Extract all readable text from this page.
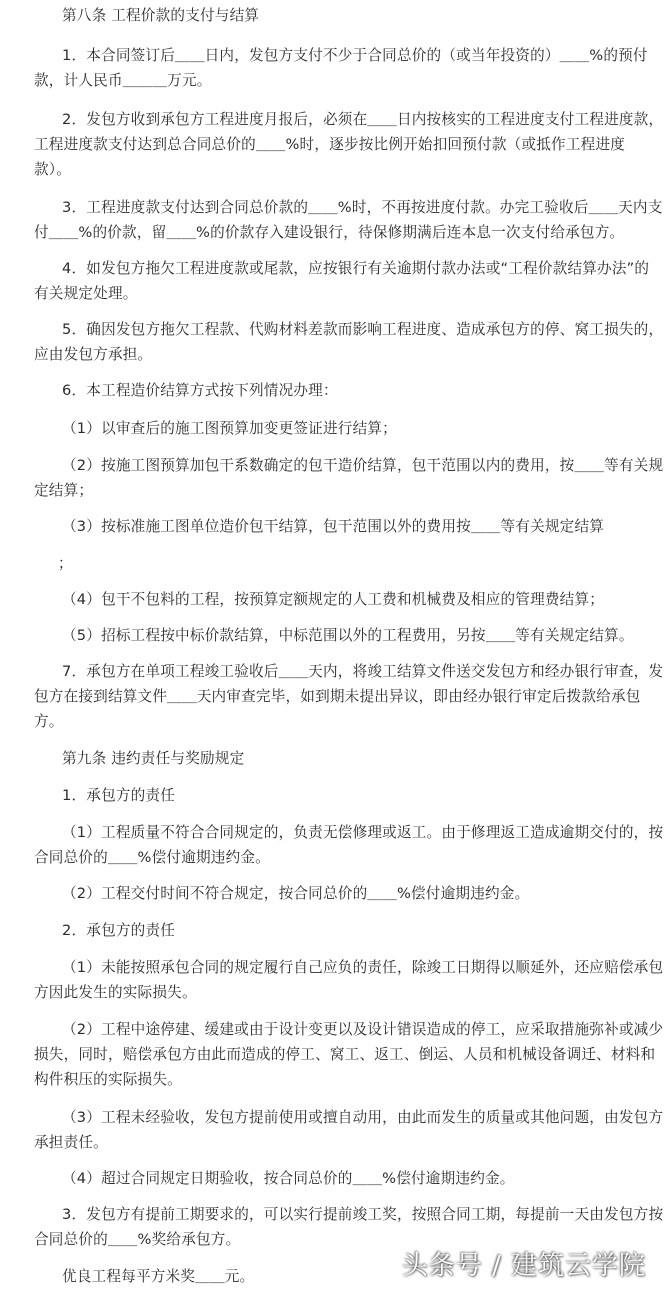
第八条 工程价款的支付与结算
1．本合同签订后＿＿日内，发包方支付不少于合同总价的（或当年投资的）＿＿%的预付
款，计人民币＿＿＿万元。
2．发包方收到承包方工程进度月报后，必须在＿＿日内按核实的工程进度支付工程进度款，
工程进度款支付达到总合同总价的＿＿%时，逐步按比例开始扣回预付款（或抵作工程进度
款）。
3．工程进度款支付达到合同总价款的＿＿%时，不再按进度付款。办完工验收后＿＿天内支
付＿＿%的价款，留＿＿%的价款存入建设银行，待保修期满后连本息一次支付给承包方。
4．如发包方拖欠工程进度款或尾款，应按银行有关逾期付款办法或“工程价款结算办法”的
有关规定处理。
5．确因发包方拖欠工程款、代购材料差款而影响工程进度、造成承包方的停、窝工损失的，
应由发包方承担。
6．本工程造价结算方式按下列情况办理：
（1）以审查后的施工图预算加变更签证进行结算；
（2）按施工图预算加包干系数确定的包干造价结算，包干范围以内的费用，按＿＿等有关规
定结算；
（3）按标准施工图单位造价包干结算，包干范围以外的费用按＿＿等有关规定结算
；
（4）包干不包料的工程，按预算定额规定的人工费和机械费及相应的管理费结算；
（5）招标工程按中标价款结算，中标范围以外的工程费用，另按＿＿等有关规定结算。
7．承包方在单项工程竣工验收后＿＿天内，将竣工结算文件送交发包方和经办银行审查，发
包方在接到结算文件＿＿天内审查完毕，如到期未提出异议，即由经办银行审定后拨款给承包
方。
第九条 违约责任与奖励规定
1．承包方的责任
（1）工程质量不符合合同规定的，负责无偿修理或返工。由于修理返工造成逾期交付的，按
合同总价的＿＿%偿付逾期违约金。
（2）工程交付时间不符合规定，按合同总价的＿＿%偿付逾期违约金。
2．承包方的责任
（1）未能按照承包合同的规定履行自己应负的责任，除竣工日期得以顺延外，还应赔偿承包
方因此发生的实际损失。
（2）工程中途停建、缓建或由于设计变更以及设计错误造成的停工，应采取措施弥补或减少
损失，同时，赔偿承包方由此而造成的停工、窝工、返工、倒运、人员和机械设备调迁、材料和
构件积压的实际损失。
（3）工程未经验收，发包方提前使用或擅自动用，由此而发生的质量或其他问题，由发包方
承担责任。
（4）超过合同规定日期验收，按合同总价的＿＿%偿付逾期违约金。
3．发包方有提前工期要求的，可以实行提前竣工奖，按照合同工期，每提前一天由发包方按
合同总价的＿＿%奖给承包方。
优良工程每平方米奖＿＿元。	头条号 / 建筑云学院
